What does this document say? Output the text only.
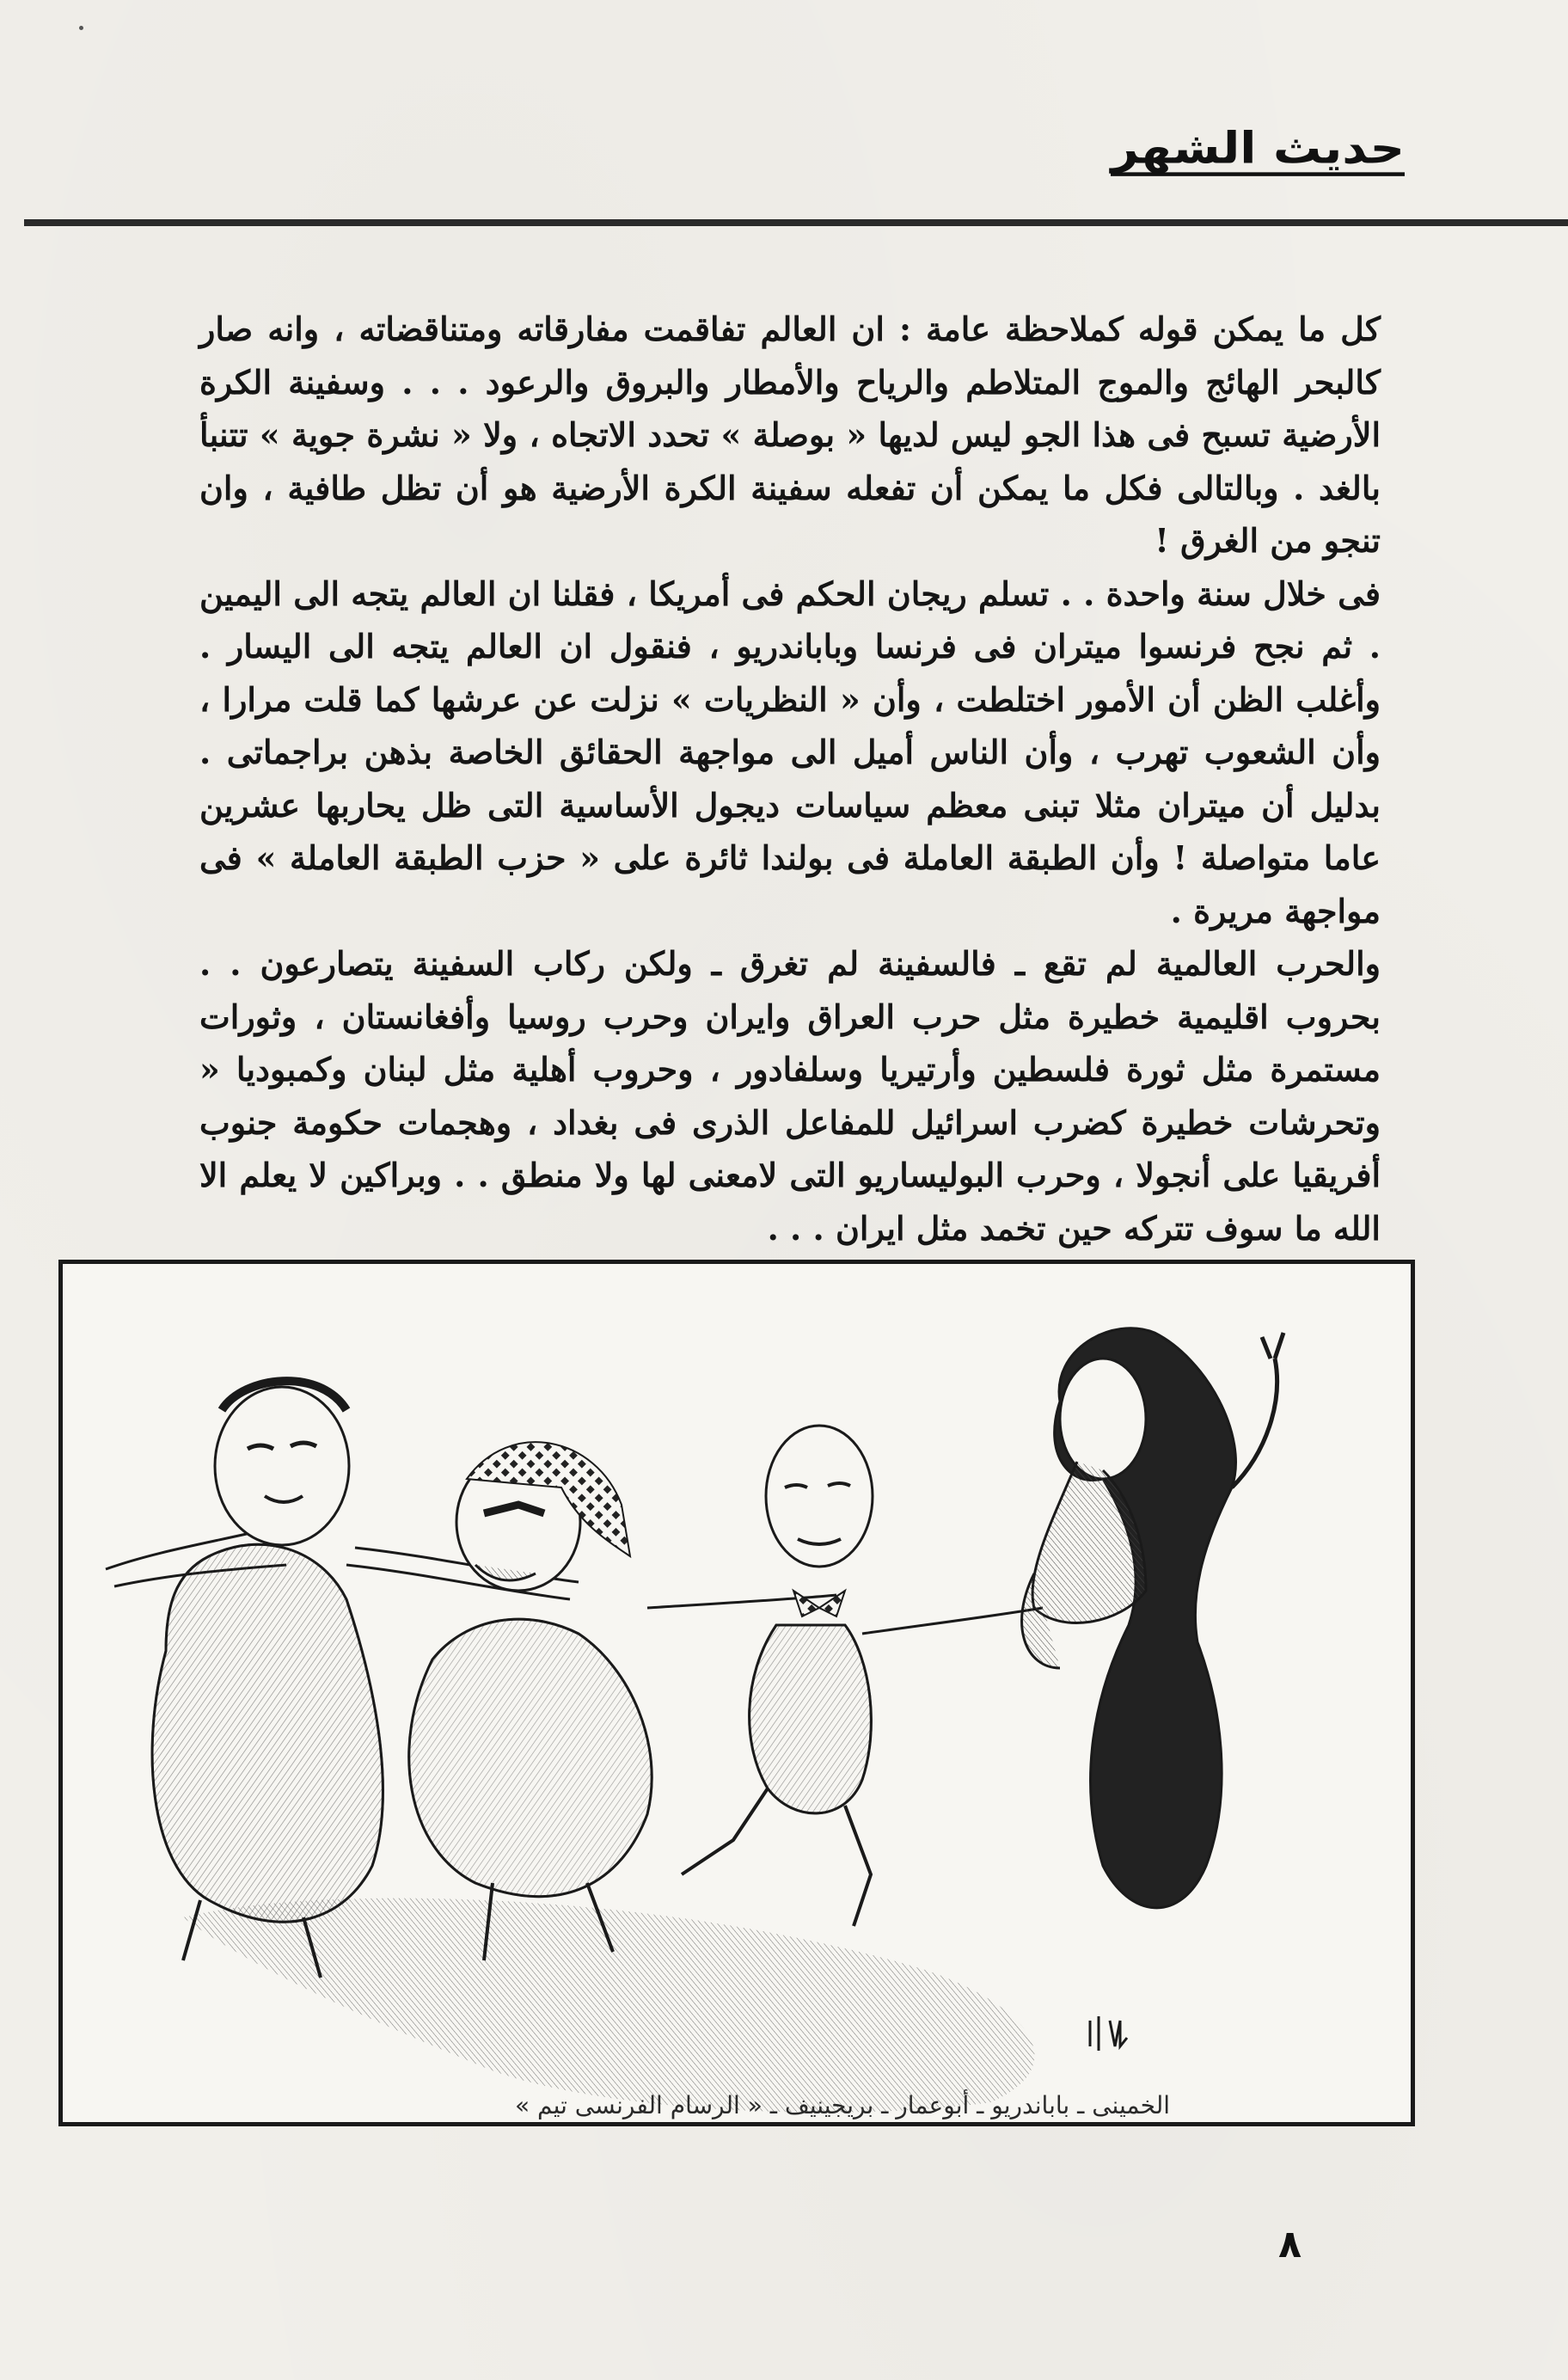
حديث الشهر

كل ما يمكن قوله كملاحظة عامة : ان العالم تفاقمت مفارقاته ومتناقضاته ، وانه صار كالبحر الهائج والموج المتلاطم والرياح والأمطار والبروق والرعود . . . وسفينة الكرة الأرضية تسبح فى هذا الجو ليس لديها « بوصلة » تحدد الاتجاه ، ولا « نشرة جوية » تتنبأ بالغد . وبالتالى فكل ما يمكن أن تفعله سفينة الكرة الأرضية هو أن تظل طافية ، وان تنجو من الغرق !

فى خلال سنة واحدة . . تسلم ريجان الحكم فى أمريكا ، فقلنا ان العالم يتجه الى اليمين . ثم نجح فرنسوا ميتران فى فرنسا وباباندريو ، فنقول ان العالم يتجه الى اليسار . وأغلب الظن أن الأمور اختلطت ، وأن « النظريات » نزلت عن عرشها كما قلت مرارا ، وأن الشعوب تهرب ، وأن الناس أميل الى مواجهة الحقائق الخاصة بذهن براجماتى . بدليل أن ميتران مثلا تبنى معظم سياسات ديجول الأساسية التى ظل يحاربها عشرين عاما متواصلة ! وأن الطبقة العاملة فى بولندا ثائرة على « حزب الطبقة العاملة » فى مواجهة مريرة .

والحرب العالمية لم تقع ـ فالسفينة لم تغرق ـ ولكن ركاب السفينة يتصارعون . . بحروب اقليمية خطيرة مثل حرب العراق وايران وحرب روسيا وأفغانستان ، وثورات مستمرة مثل ثورة فلسطين وأرتيريا وسلفادور ، وحروب أهلية مثل لبنان وكمبوديا « وتحرشات خطيرة كضرب اسرائيل للمفاعل الذرى فى بغداد ، وهجمات حكومة جنوب أفريقيا على أنجولا ، وحرب البوليساريو التى لامعنى لها ولا منطق . . وبراكين لا يعلم الا الله ما سوف تتركه حين تخمد مثل ايران . . .

الخمينى ـ باباندريو ـ أبوعمار ـ بريجينيف ـ « الرسام الفرنسى تيم »
٨
